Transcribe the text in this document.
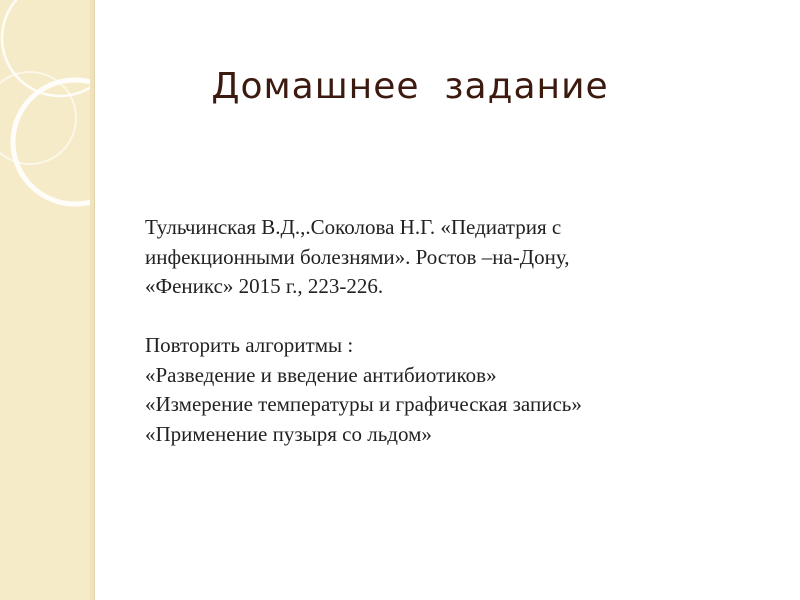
Домашнее  задание
Тульчинская В.Д.,.Соколова Н.Г. «Педиатрия с
инфекционными болезнями». Ростов –на-Дону,
«Феникс» 2015 г., 223-226.
Повторить алгоритмы :
«Разведение и введение антибиотиков»
«Измерение температуры и графическая запись»
«Применение пузыря со льдом»
